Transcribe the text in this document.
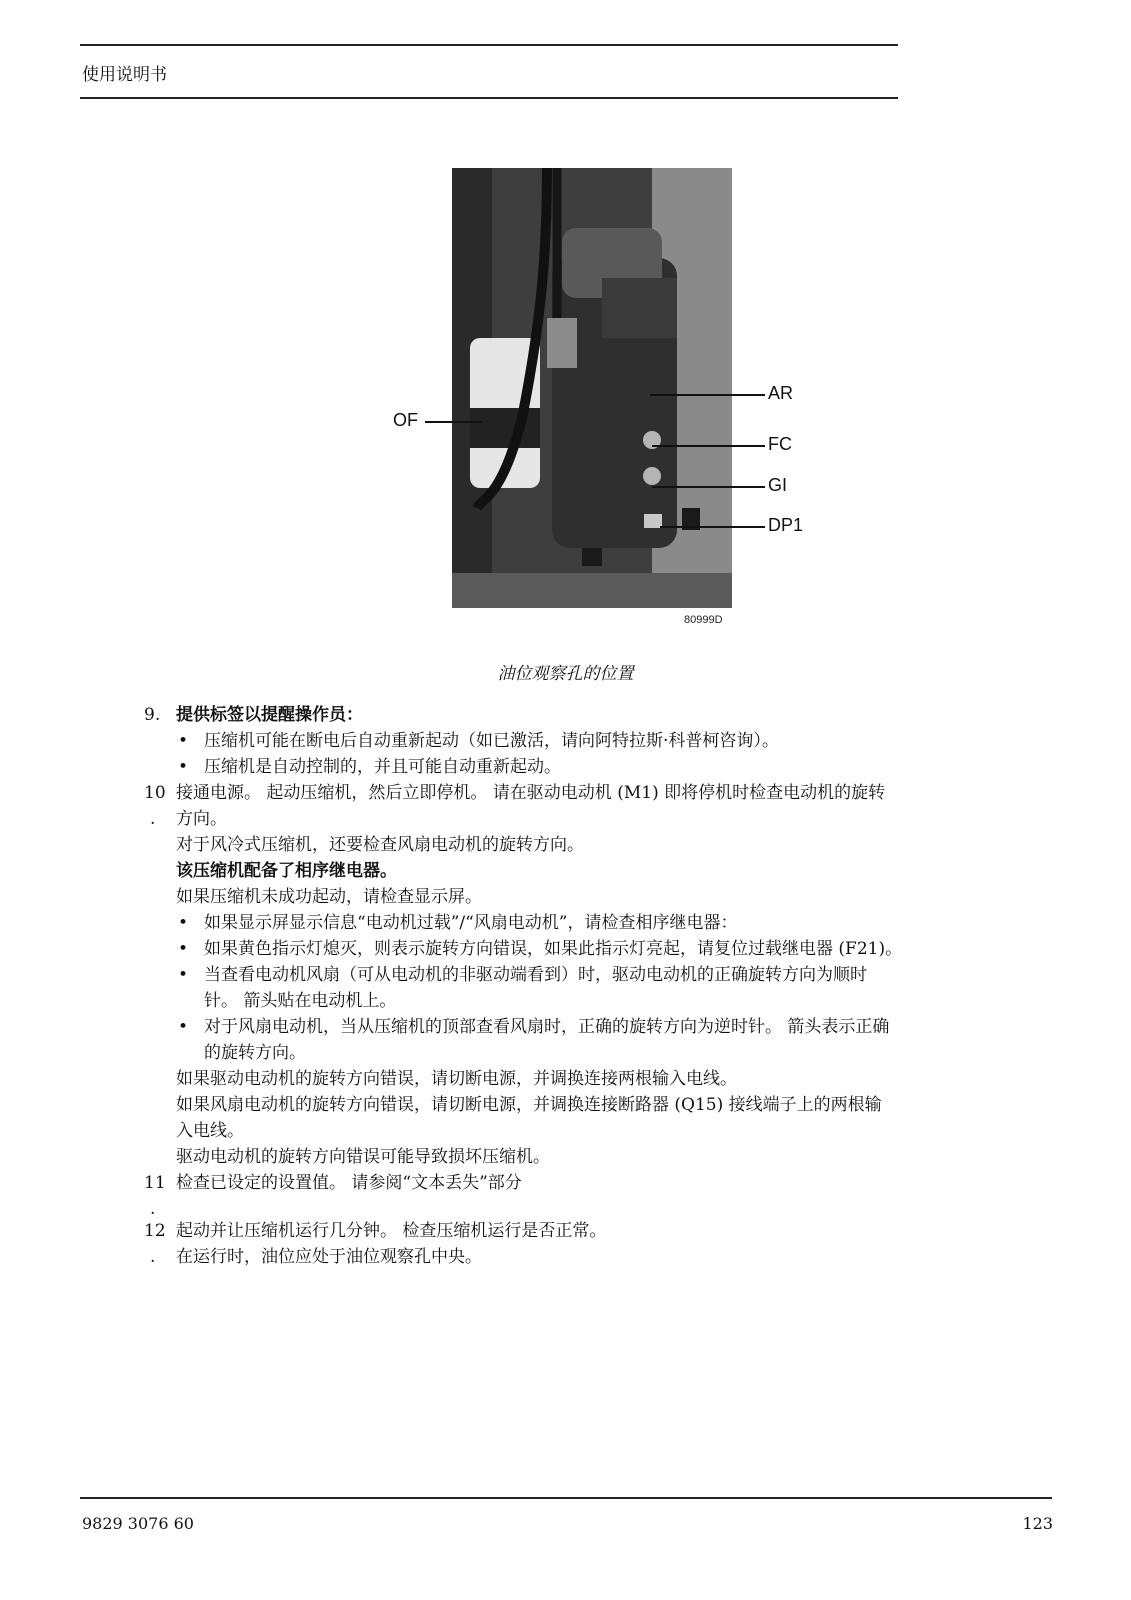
使用说明书
AR
FC
GI
DP1
OF
80999D
油位观察孔的位置
9. 提供标签以提醒操作员：
• 压缩机可能在断电后自动重新起动（如已激活，请向阿特拉斯·科普柯咨询）。
• 压缩机是自动控制的，并且可能自动重新起动。
10
.
接通电源。 起动压缩机，然后立即停机。 请在驱动电动机 (M1) 即将停机时检查电动机的旋转
方向。
对于风冷式压缩机，还要检查风扇电动机的旋转方向。
该压缩机配备了相序继电器。
如果压缩机未成功起动，请检查显示屏。
• 如果显示屏显示信息“电动机过载”/“风扇电动机”，请检查相序继电器：
• 如果黄色指示灯熄灭，则表示旋转方向错误，如果此指示灯亮起，请复位过载继电器 (F21)。
• 当查看电动机风扇（可从电动机的非驱动端看到）时，驱动电动机的正确旋转方向为顺时
针。 箭头贴在电动机上。
• 对于风扇电动机，当从压缩机的顶部查看风扇时，正确的旋转方向为逆时针。 箭头表示正确
的旋转方向。
如果驱动电动机的旋转方向错误，请切断电源，并调换连接两根输入电线。
如果风扇电动机的旋转方向错误，请切断电源，并调换连接断路器 (Q15) 接线端子上的两根输
入电线。
驱动电动机的旋转方向错误可能导致损坏压缩机。
11
.
检查已设定的设置值。 请参阅“文本丢失”部分
12
.
起动并让压缩机运行几分钟。 检查压缩机运行是否正常。
在运行时，油位应处于油位观察孔中央。
9829 3076 60	123
